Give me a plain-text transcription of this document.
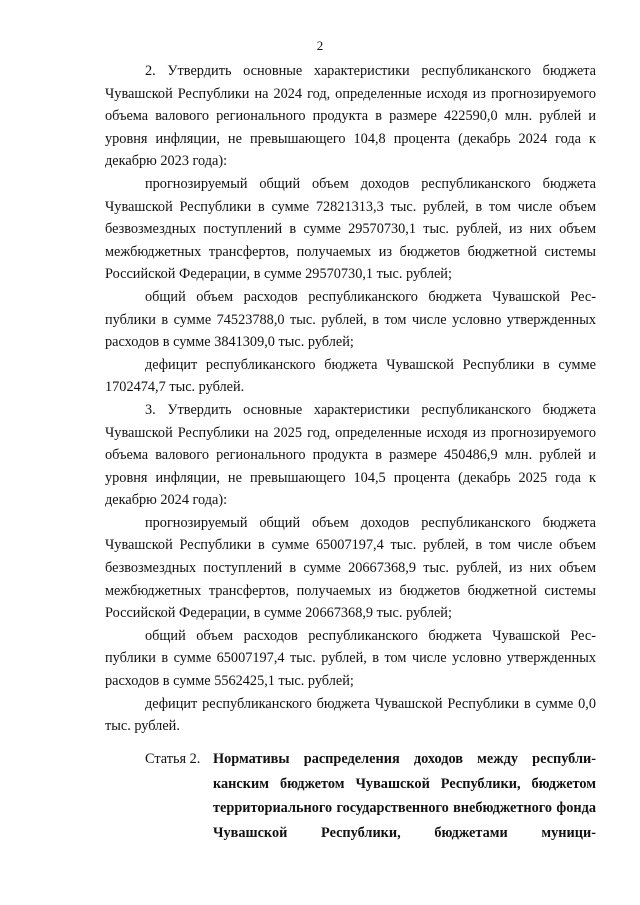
2

2. Утвердить основные характеристики республиканского бюджета Чувашской Республики на 2024 год, определенные исходя из прогнозируемого объема валового регионального продукта в размере 422590,0 млн. рублей и уровня инфляции, не превышающего 104,8 процента (декабрь 2024 года к декабрю 2023 года):

прогнозируемый общий объем доходов республиканского бюджета Чувашской Республики в сумме 72821313,3 тыс. рублей, в том числе объем безвозмездных поступлений в сумме 29570730,1 тыс. рублей, из них объем межбюджетных трансфертов, получаемых из бюджетов бюджетной системы Российской Федерации, в сумме 29570730,1 тыс. рублей;

общий объем расходов республиканского бюджета Чувашской Республики в сумме 74523788,0 тыс. рублей, в том числе условно утвержденных расходов в сумме 3841309,0 тыс. рублей;

дефицит республиканского бюджета Чувашской Республики в сумме 1702474,7 тыс. рублей.

3. Утвердить основные характеристики республиканского бюджета Чувашской Республики на 2025 год, определенные исходя из прогнозируемого объема валового регионального продукта в размере 450486,9 млн. рублей и уровня инфляции, не превышающего 104,5 процента (декабрь 2025 года к декабрю 2024 года):

прогнозируемый общий объем доходов республиканского бюджета Чувашской Республики в сумме 65007197,4 тыс. рублей, в том числе объем безвозмездных поступлений в сумме 20667368,9 тыс. рублей, из них объем межбюджетных трансфертов, получаемых из бюджетов бюджетной системы Российской Федерации, в сумме 20667368,9 тыс. рублей;

общий объем расходов республиканского бюджета Чувашской Республики в сумме 65007197,4 тыс. рублей, в том числе условно утвержденных расходов в сумме 5562425,1 тыс. рублей;

дефицит республиканского бюджета Чувашской Республики в сумме 0,0 тыс. рублей.

Статья 2. Нормативы распределения доходов между республиканским бюджетом Чувашской Республики, бюджетом территориального государственного внебюджетного фонда Чувашской Республики, бюджетами муници-
